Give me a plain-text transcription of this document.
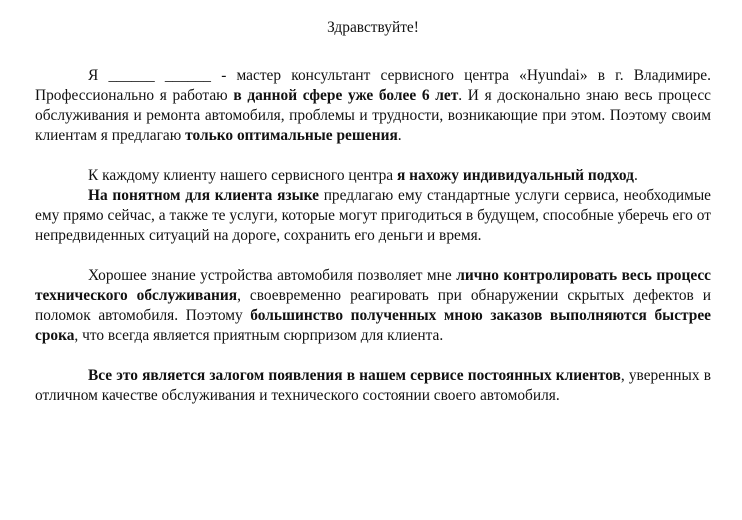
Здравствуйте!

Я ______ ______ - мастер консультант сервисного центра «Hyundai» в г. Владимире. Профессионально я работаю в данной сфере уже более 6 лет. И я досконально знаю весь процесс обслуживания и ремонта автомобиля, проблемы и трудности, возникающие при этом. Поэтому своим клиентам я предлагаю только оптимальные решения.

К каждому клиенту нашего сервисного центра я нахожу индивидуальный подход.

На понятном для клиента языке предлагаю ему стандартные услуги сервиса, необходимые ему прямо сейчас, а также те услуги, которые могут пригодиться в будущем, способные уберечь его от непредвиденных ситуаций на дороге, сохранить его деньги и время.

Хорошее знание устройства автомобиля позволяет мне лично контролировать весь процесс технического обслуживания, своевременно реагировать при обнаружении скрытых дефектов и поломок автомобиля. Поэтому большинство полученных мною заказов выполняются быстрее срока, что всегда является приятным сюрпризом для клиента.

Все это является залогом появления в нашем сервисе постоянных клиентов, уверенных в отличном качестве обслуживания и технического состоянии своего автомобиля.
